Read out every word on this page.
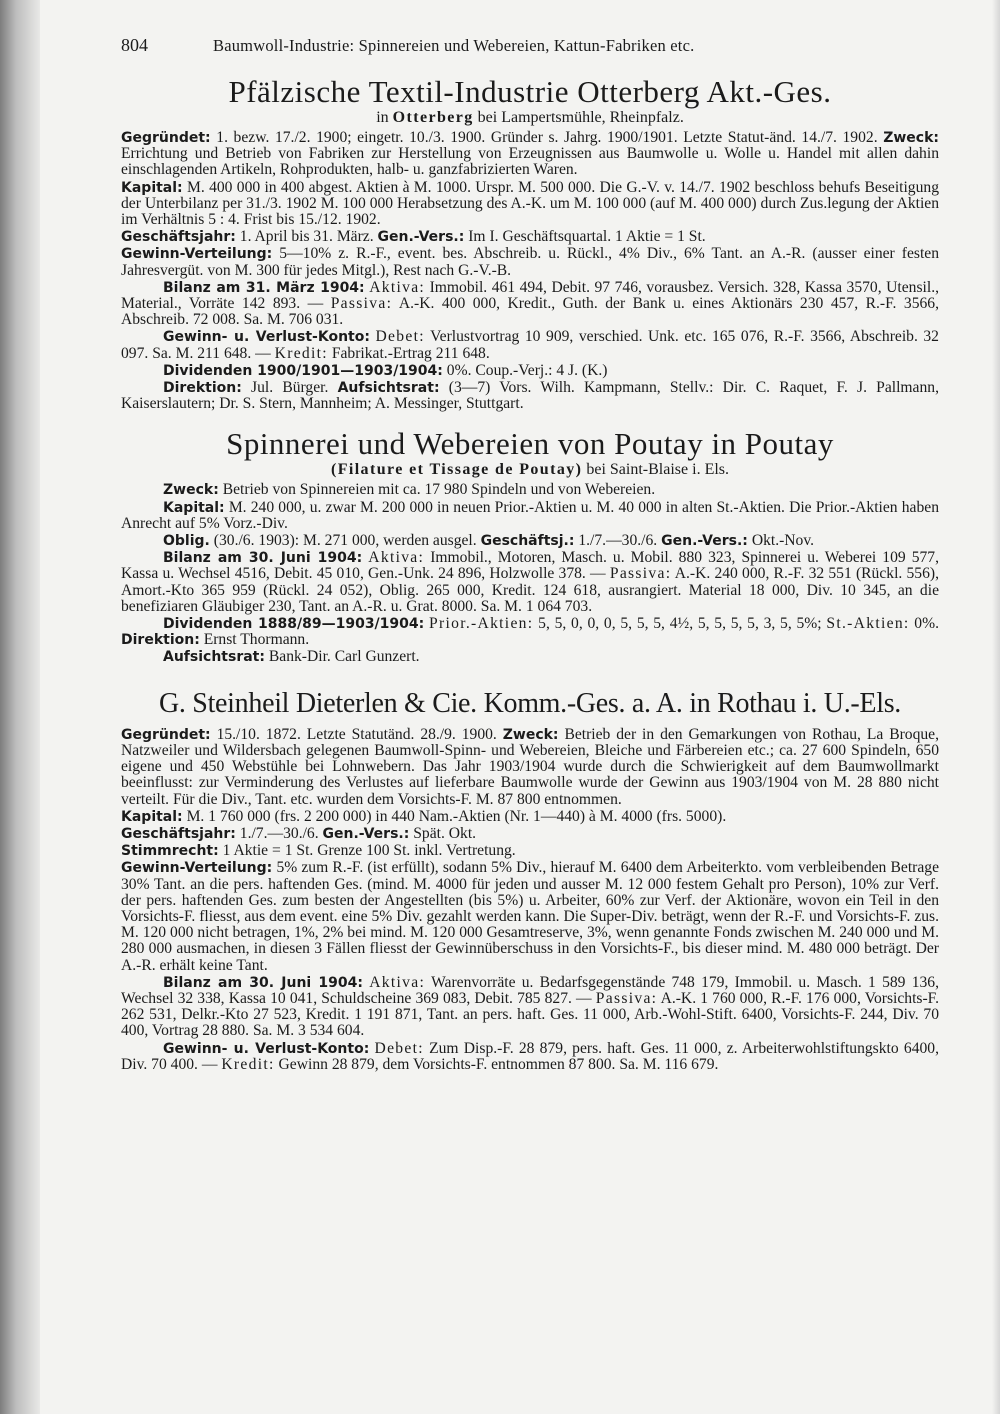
804	Baumwoll-Industrie: Spinnereien und Webereien, Kattun-Fabriken etc.
Pfälzische Textil-Industrie Otterberg Akt.-Ges.
in Otterberg bei Lampertsmühle, Rheinpfalz.

Gegründet: 1. bezw. 17./2. 1900; eingetr. 10./3. 1900. Gründer s. Jahrg. 1900/1901. Letzte Statut-änd. 14./7. 1902. Zweck: Errichtung und Betrieb von Fabriken zur Herstellung von Erzeugnissen aus Baumwolle u. Wolle u. Handel mit allen dahin einschlagenden Artikeln, Rohprodukten, halb- u. ganzfabrizierten Waren.

Kapital: M. 400 000 in 400 abgest. Aktien à M. 1000. Urspr. M. 500 000. Die G.-V. v. 14./7. 1902 beschloss behufs Beseitigung der Unterbilanz per 31./3. 1902 M. 100 000 Herabsetzung des A.-K. um M. 100 000 (auf M. 400 000) durch Zus.legung der Aktien im Verhältnis 5 : 4. Frist bis 15./12. 1902.

Geschäftsjahr: 1. April bis 31. März. Gen.-Vers.: Im I. Geschäftsquartal. 1 Aktie = 1 St.

Gewinn-Verteilung: 5—10% z. R.-F., event. bes. Abschreib. u. Rückl., 4% Div., 6% Tant. an A.-R. (ausser einer festen Jahresvergüt. von M. 300 für jedes Mitgl.), Rest nach G.-V.-B.

Bilanz am 31. März 1904: Aktiva: Immobil. 461 494, Debit. 97 746, vorausbez. Versich. 328, Kassa 3570, Utensil., Material., Vorräte 142 893. — Passiva: A.-K. 400 000, Kredit., Guth. der Bank u. eines Aktionärs 230 457, R.-F. 3566, Abschreib. 72 008. Sa. M. 706 031.

Gewinn- u. Verlust-Konto: Debet: Verlustvortrag 10 909, verschied. Unk. etc. 165 076, R.-F. 3566, Abschreib. 32 097. Sa. M. 211 648. — Kredit: Fabrikat.-Ertrag 211 648.

Dividenden 1900/1901—1903/1904: 0%. Coup.-Verj.: 4 J. (K.)

Direktion: Jul. Bürger. Aufsichtsrat: (3—7) Vors. Wilh. Kampmann, Stellv.: Dir. C. Raquet, F. J. Pallmann, Kaiserslautern; Dr. S. Stern, Mannheim; A. Messinger, Stuttgart.

Spinnerei und Webereien von Poutay in Poutay
(Filature et Tissage de Poutay) bei Saint-Blaise i. Els.

Zweck: Betrieb von Spinnereien mit ca. 17 980 Spindeln und von Webereien.

Kapital: M. 240 000, u. zwar M. 200 000 in neuen Prior.-Aktien u. M. 40 000 in alten St.-Aktien. Die Prior.-Aktien haben Anrecht auf 5% Vorz.-Div.

Oblig. (30./6. 1903): M. 271 000, werden ausgel. Geschäftsj.: 1./7.—30./6. Gen.-Vers.: Okt.-Nov.

Bilanz am 30. Juni 1904: Aktiva: Immobil., Motoren, Masch. u. Mobil. 880 323, Spinnerei u. Weberei 109 577, Kassa u. Wechsel 4516, Debit. 45 010, Gen.-Unk. 24 896, Holzwolle 378. — Passiva: A.-K. 240 000, R.-F. 32 551 (Rückl. 556), Amort.-Kto 365 959 (Rückl. 24 052), Oblig. 265 000, Kredit. 124 618, ausrangiert. Material 18 000, Div. 10 345, an die benefiziaren Gläubiger 230, Tant. an A.-R. u. Grat. 8000. Sa. M. 1 064 703.

Dividenden 1888/89—1903/1904: Prior.-Aktien: 5, 5, 0, 0, 0, 5, 5, 5, 4½, 5, 5, 5, 5, 3, 5, 5%; St.-Aktien: 0%. Direktion: Ernst Thormann.

Aufsichtsrat: Bank-Dir. Carl Gunzert.

G. Steinheil Dieterlen & Cie. Komm.-Ges. a. A. in Rothau i. U.-Els.

Gegründet: 15./10. 1872. Letzte Statutänd. 28./9. 1900. Zweck: Betrieb der in den Gemarkungen von Rothau, La Broque, Natzweiler und Wildersbach gelegenen Baumwoll-Spinn- und Webereien, Bleiche und Färbereien etc.; ca. 27 600 Spindeln, 650 eigene und 450 Webstühle bei Lohnwebern. Das Jahr 1903/1904 wurde durch die Schwierigkeit auf dem Baumwollmarkt beeinflusst: zur Verminderung des Verlustes auf lieferbare Baumwolle wurde der Gewinn aus 1903/1904 von M. 28 880 nicht verteilt. Für die Div., Tant. etc. wurden dem Vorsichts-F. M. 87 800 entnommen.

Kapital: M. 1 760 000 (frs. 2 200 000) in 440 Nam.-Aktien (Nr. 1—440) à M. 4000 (frs. 5000).

Geschäftsjahr: 1./7.—30./6. Gen.-Vers.: Spät. Okt.

Stimmrecht: 1 Aktie = 1 St. Grenze 100 St. inkl. Vertretung.

Gewinn-Verteilung: 5% zum R.-F. (ist erfüllt), sodann 5% Div., hierauf M. 6400 dem Arbeiterkto. vom verbleibenden Betrage 30% Tant. an die pers. haftenden Ges. (mind. M. 4000 für jeden und ausser M. 12 000 festem Gehalt pro Person), 10% zur Verf. der pers. haftenden Ges. zum besten der Angestellten (bis 5%) u. Arbeiter, 60% zur Verf. der Aktionäre, wovon ein Teil in den Vorsichts-F. fliesst, aus dem event. eine 5% Div. gezahlt werden kann. Die Super-Div. beträgt, wenn der R.-F. und Vorsichts-F. zus. M. 120 000 nicht betragen, 1%, 2% bei mind. M. 120 000 Gesamtreserve, 3%, wenn genannte Fonds zwischen M. 240 000 und M. 280 000 ausmachen, in diesen 3 Fällen fliesst der Gewinnüberschuss in den Vorsichts-F., bis dieser mind. M. 480 000 beträgt. Der A.-R. erhält keine Tant.

Bilanz am 30. Juni 1904: Aktiva: Warenvorräte u. Bedarfsgegenstände 748 179, Immobil. u. Masch. 1 589 136, Wechsel 32 338, Kassa 10 041, Schuldscheine 369 083, Debit. 785 827. — Passiva: A.-K. 1 760 000, R.-F. 176 000, Vorsichts-F. 262 531, Delkr.-Kto 27 523, Kredit. 1 191 871, Tant. an pers. haft. Ges. 11 000, Arb.-Wohl-Stift. 6400, Vorsichts-F. 244, Div. 70 400, Vortrag 28 880. Sa. M. 3 534 604.

Gewinn- u. Verlust-Konto: Debet: Zum Disp.-F. 28 879, pers. haft. Ges. 11 000, z. Arbeiterwohlstiftungskto 6400, Div. 70 400. — Kredit: Gewinn 28 879, dem Vorsichts-F. entnommen 87 800. Sa. M. 116 679.
